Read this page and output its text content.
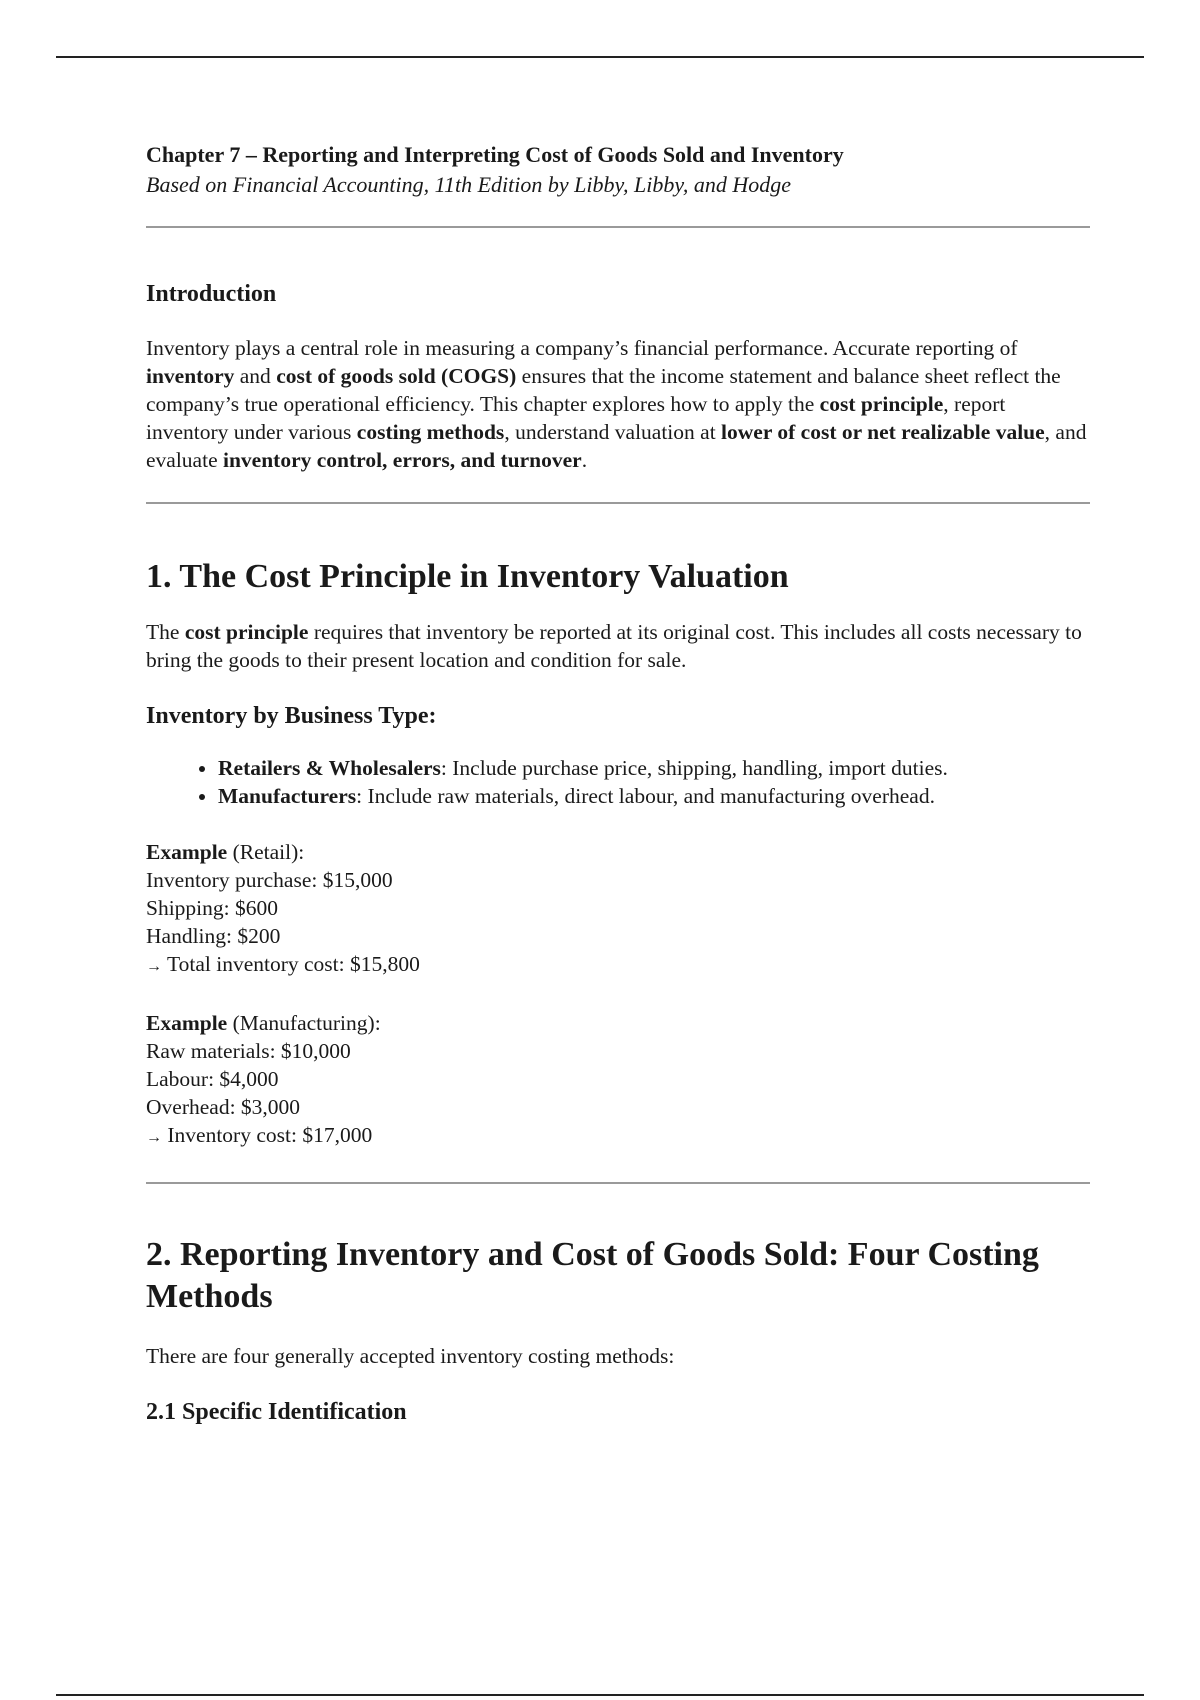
Chapter 7 – Reporting and Interpreting Cost of Goods Sold and Inventory

Based on Financial Accounting, 11th Edition by Libby, Libby, and Hodge

Introduction

Inventory plays a central role in measuring a company’s financial performance. Accurate reporting of inventory and cost of goods sold (COGS) ensures that the income statement and balance sheet reflect the company’s true operational efficiency. This chapter explores how to apply the cost principle, report inventory under various costing methods, understand valuation at lower of cost or net realizable value, and evaluate inventory control, errors, and turnover.

1. The Cost Principle in Inventory Valuation

The cost principle requires that inventory be reported at its original cost. This includes all costs necessary to bring the goods to their present location and condition for sale.

Inventory by Business Type:
• Retailers & Wholesalers: Include purchase price, shipping, handling, import duties.
• Manufacturers: Include raw materials, direct labour, and manufacturing overhead.
Example (Retail):
Inventory purchase: $15,000
Shipping: $600
Handling: $200
→ Total inventory cost: $15,800
Example (Manufacturing):
Raw materials: $10,000
Labour: $4,000
Overhead: $3,000
→ Inventory cost: $17,000
2. Reporting Inventory and Cost of Goods Sold: Four Costing Methods

There are four generally accepted inventory costing methods:

2.1 Specific Identification
